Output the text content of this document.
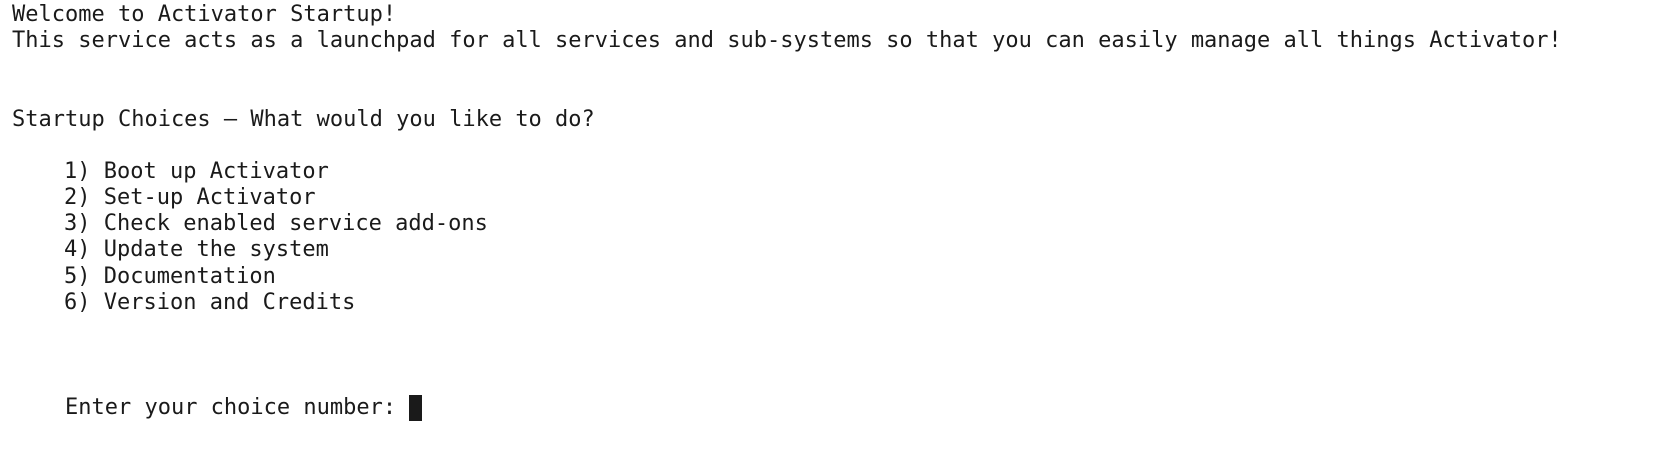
Welcome to Activator Startup!

This service acts as a launchpad for all services and sub-systems so that you can easily manage all things Activator!

Startup Choices – What would you like to do?

1) Boot up Activator

2) Set-up Activator

3) Check enabled service add-ons

4) Update the system

5) Documentation

6) Version and Credits

Enter your choice number:
